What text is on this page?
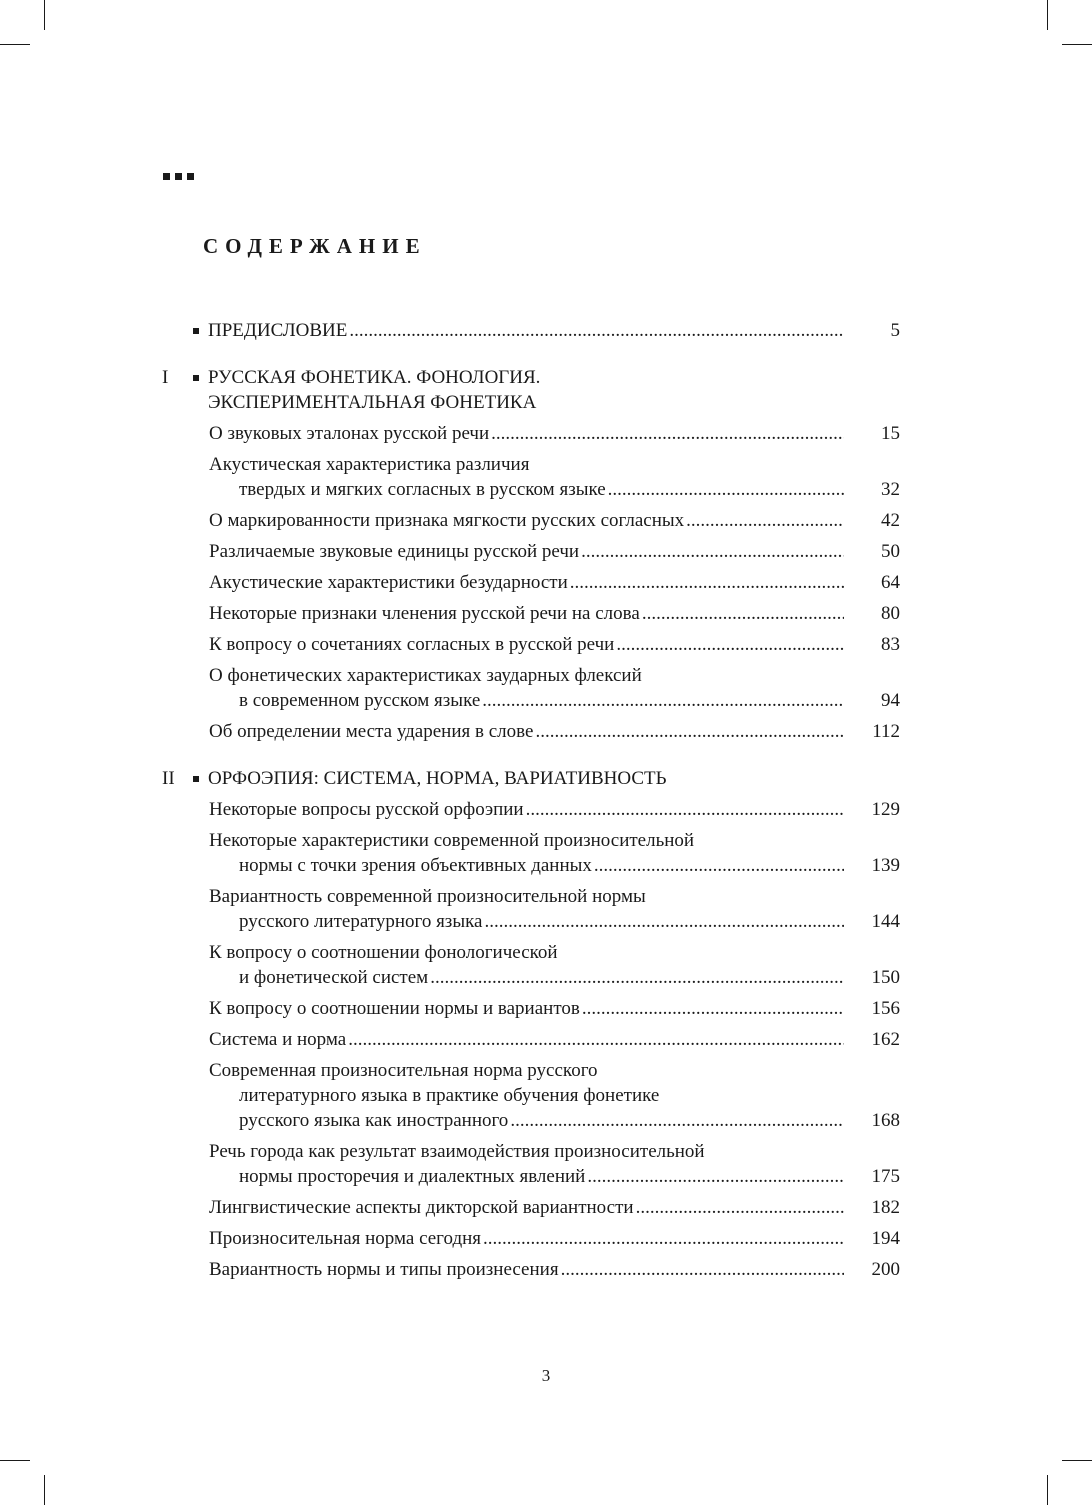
СОДЕРЖАНИЕ
ПРЕДИСЛОВИЕ .....	5
I РУССКАЯ ФОНЕТИКА. ФОНОЛОГИЯ.
ЭКСПЕРИМЕНТАЛЬНАЯ ФОНЕТИКА
О звуковых эталонах русской речи .....	15
Акустическая характеристика различия
твердых и мягких согласных в русском языке .....	32
О маркированности признака мягкости русских согласных .....	42
Различаемые звуковые единицы русской речи .....	50
Акустические характеристики безударности .....	64
Некоторые признаки членения русской речи на слова .....	80
К вопросу о сочетаниях согласных в русской речи .....	83
О фонетических характеристиках заударных флексий
в современном русском языке .....	94
Об определении места ударения в слове .....	112
II ОРФОЭПИЯ: СИСТЕМА, НОРМА, ВАРИАТИВНОСТЬ
Некоторые вопросы русской орфоэпии .....	129
Некоторые характеристики современной произносительной
нормы с точки зрения объективных данных .....	139
Вариантность современной произносительной нормы
русского литературного языка .....	144
К вопросу о соотношении фонологической
и фонетической систем .....	150
К вопросу о соотношении нормы и вариантов .....	156
Система и норма .....	162
Современная произносительная норма русского
литературного языка в практике обучения фонетике
русского языка как иностранного .....	168
Речь города как результат взаимодействия произносительной
нормы просторечия и диалектных явлений .....	175
Лингвистические аспекты дикторской вариантности .....	182
Произносительная норма сегодня .....	194
Вариантность нормы и типы произнесения .....	200
3
